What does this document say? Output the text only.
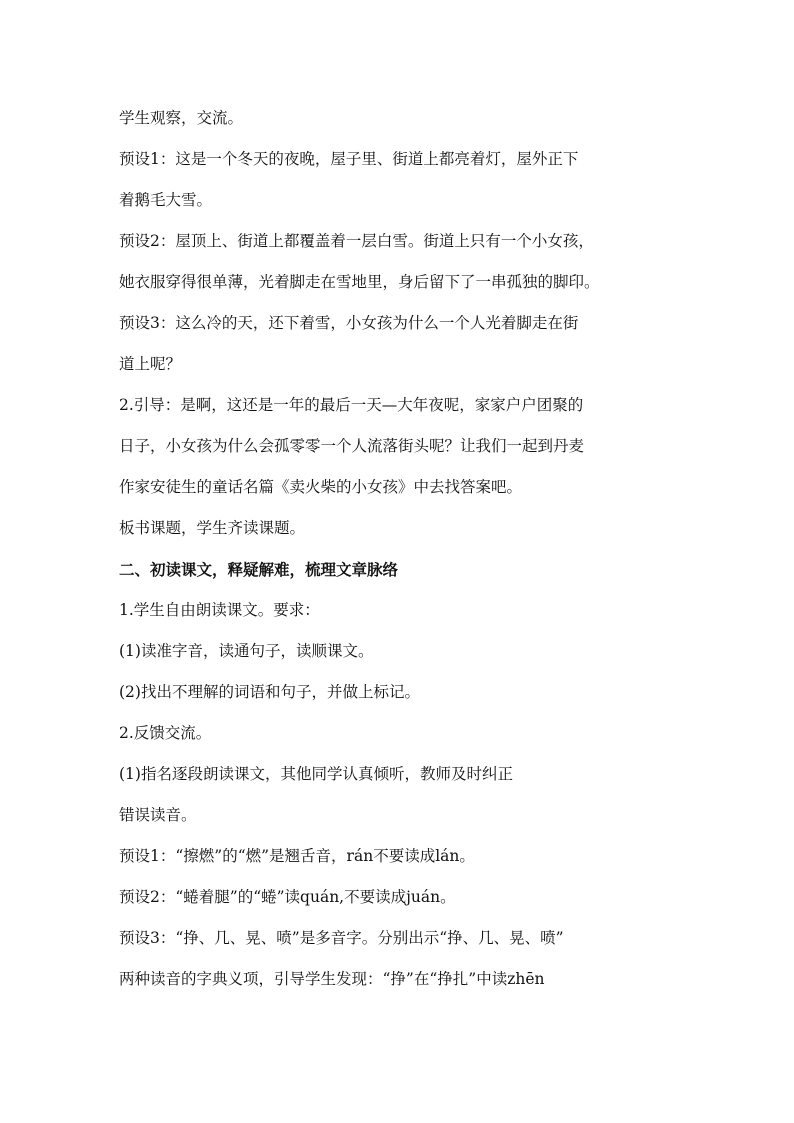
学生观察，交流。
预设1：这是一个冬天的夜晚，屋子里、街道上都亮着灯，屋外正下
着鹅毛大雪。
预设2：屋顶上、街道上都覆盖着一层白雪。街道上只有一个小女孩，
她衣服穿得很单薄，光着脚走在雪地里，身后留下了一串孤独的脚印。
预设3：这么冷的天，还下着雪，小女孩为什么一个人光着脚走在街
道上呢？
2.引导：是啊，这还是一年的最后一天—大年夜呢，家家户户团聚的
日子，小女孩为什么会孤零零一个人流落街头呢？让我们一起到丹麦
作家安徒生的童话名篇《卖火柴的小女孩》中去找答案吧。
板书课题，学生齐读课题。
二、初读课文，释疑解难，梳理文章脉络
1.学生自由朗读课文。要求：
(1)读准字音，读通句子，读顺课文。
(2)找出不理解的词语和句子，并做上标记。
2.反馈交流。
(1)指名逐段朗读课文，其他同学认真倾听，教师及时纠正
错误读音。
预设1：“擦燃”的“燃”是翘舌音，rán不要读成lán。
预设2：“蜷着腿”的“蜷”读quán,不要读成juán。
预设3：“挣、几、晃、喷”是多音字。分别出示“挣、几、晃、喷”
两种读音的字典义项，引导学生发现：“挣”在“挣扎”中读zhēn
